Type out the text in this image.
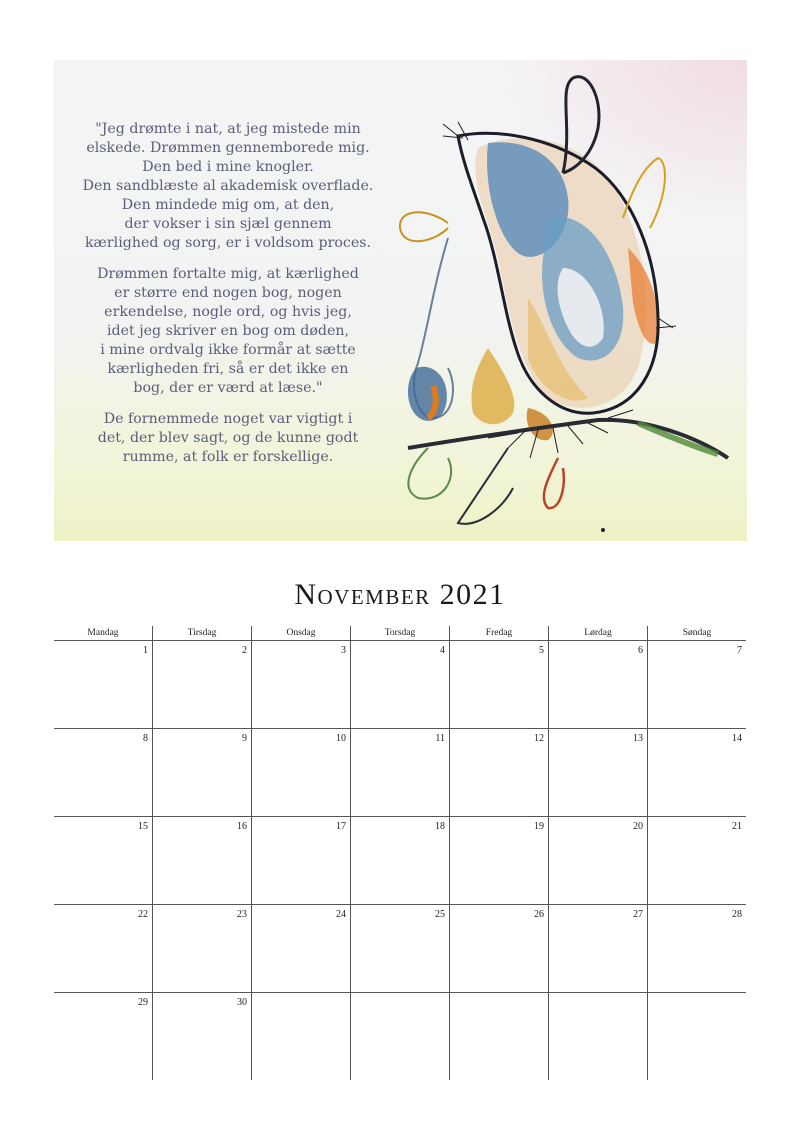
"Jeg drømte i nat, at jeg mistede min
elskede. Drømmen gennemborede mig.
Den bed i mine knogler.
Den sandblæste al akademisk overflade.
Den mindede mig om, at den,
der vokser i sin sjæl gennem
kærlighed og sorg, er i voldsom proces.

Drømmen fortalte mig, at kærlighed
er større end nogen bog, nogen
erkendelse, nogle ord, og hvis jeg,
idet jeg skriver en bog om døden,
i mine ordvalg ikke formår at sætte
kærligheden fri, så er det ikke en
bog, der er værd at læse."

De fornemmede noget var vigtigt i
det, der blev sagt, og de kunne godt
rumme, at folk er forskellige.

November 2021
Mandag	Tirsdag	Onsdag	Torsdag	Fredag	Lørdag	Søndag
1	2	3	4	5	6	7
8	9	10	11	12	13	14
15	16	17	18	19	20	21
22	23	24	25	26	27	28
29	30
